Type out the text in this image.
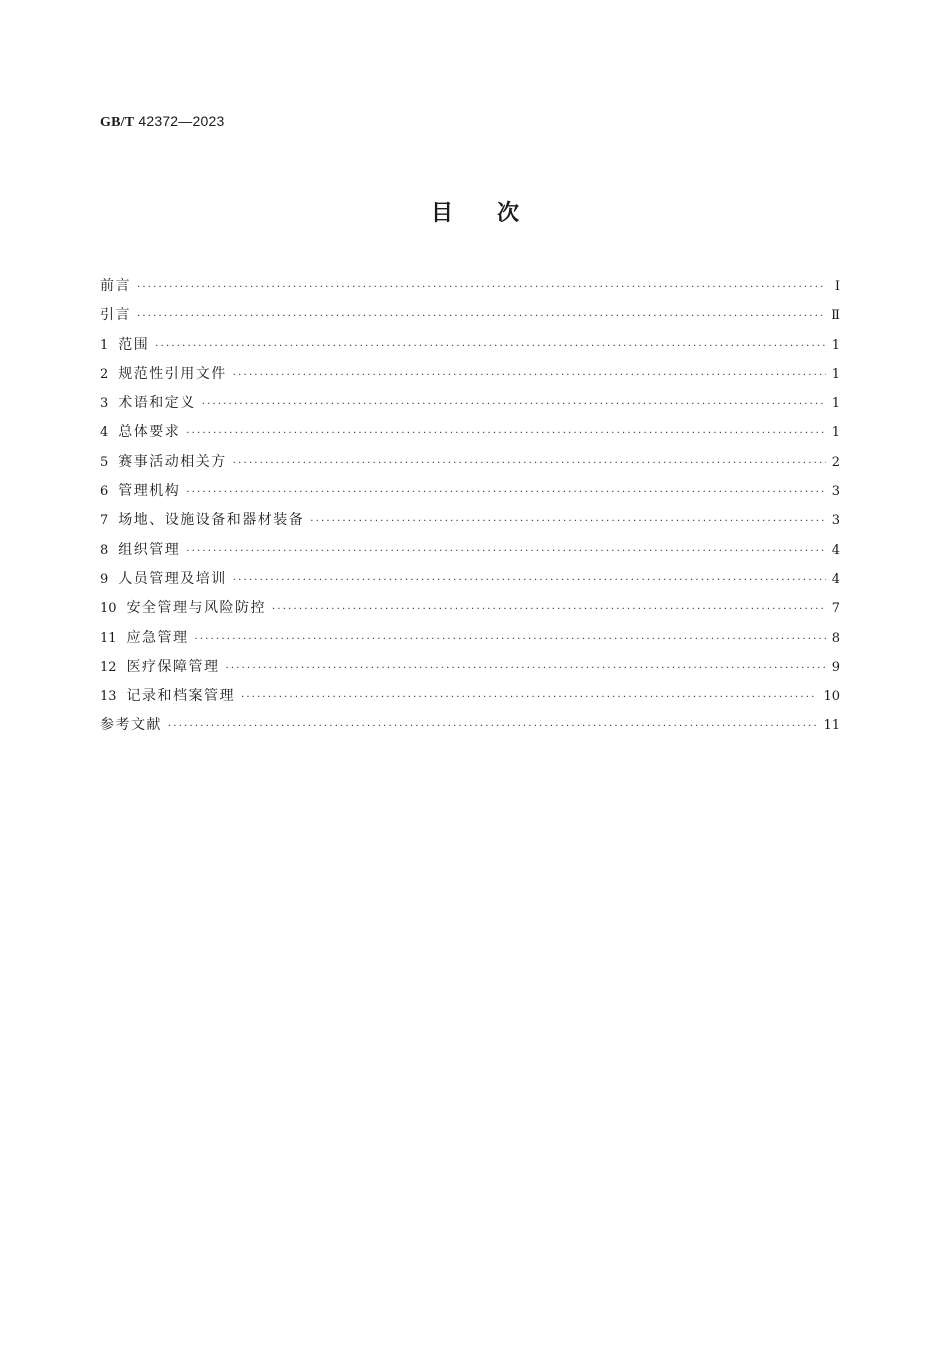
GB/T 42372—2023
目 次
前言 ·····	Ⅰ
引言 ·····	Ⅱ
1 范围 ·····	1
2 规范性引用文件 ·····	1
3 术语和定义 ·····	1
4 总体要求 ·····	1
5 赛事活动相关方 ·····	2
6 管理机构 ·····	3
7 场地、设施设备和器材装备 ·····	3
8 组织管理 ·····	4
9 人员管理及培训 ·····	4
10 安全管理与风险防控 ·····	7
11 应急管理 ·····	8
12 医疗保障管理 ·····	9
13 记录和档案管理 ·····	10
参考文献 ·····	11
